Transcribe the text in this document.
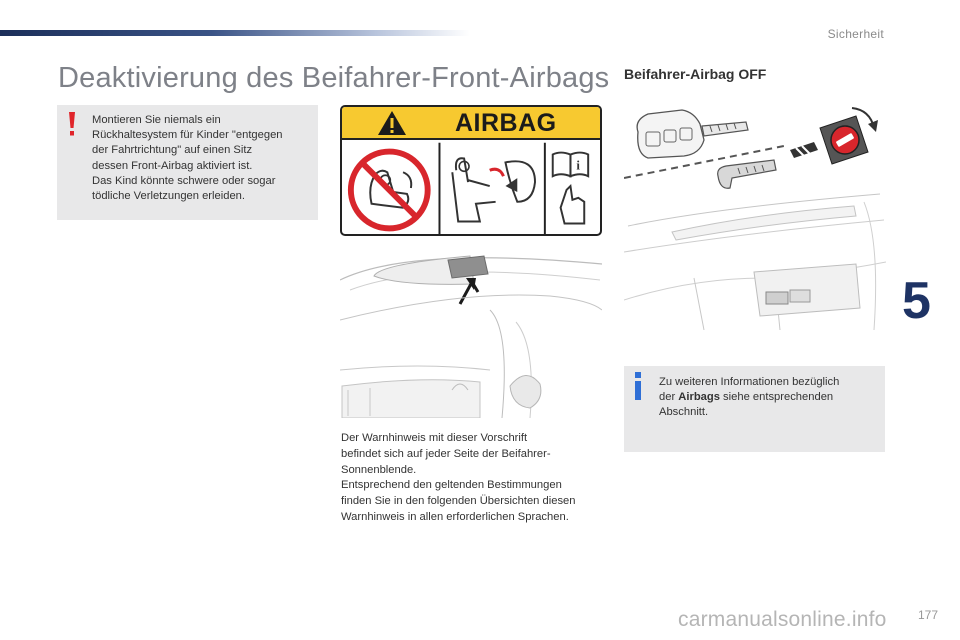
Sicherheit
Deaktivierung des Beifahrer-Front-Airbags
Montieren Sie niemals ein
Rückhaltesystem für Kinder "entgegen
der Fahrtrichtung" auf einen Sitz
dessen Front-Airbag aktiviert ist.
Das Kind könnte schwere oder sogar
tödliche Verletzungen erleiden.
AIRBAG
i
Der Warnhinweis mit dieser Vorschrift
befindet sich auf jeder Seite der Beifahrer-
Sonnenblende.
Entsprechend den geltenden Bestimmungen
finden Sie in den folgenden Übersichten diesen
Warnhinweis in allen erforderlichen Sprachen.
Beifahrer-Airbag OFF
Zu weiteren Informationen bezüglich
der Airbags siehe entsprechenden
Abschnitt.
5
carmanualsonline.info	177
